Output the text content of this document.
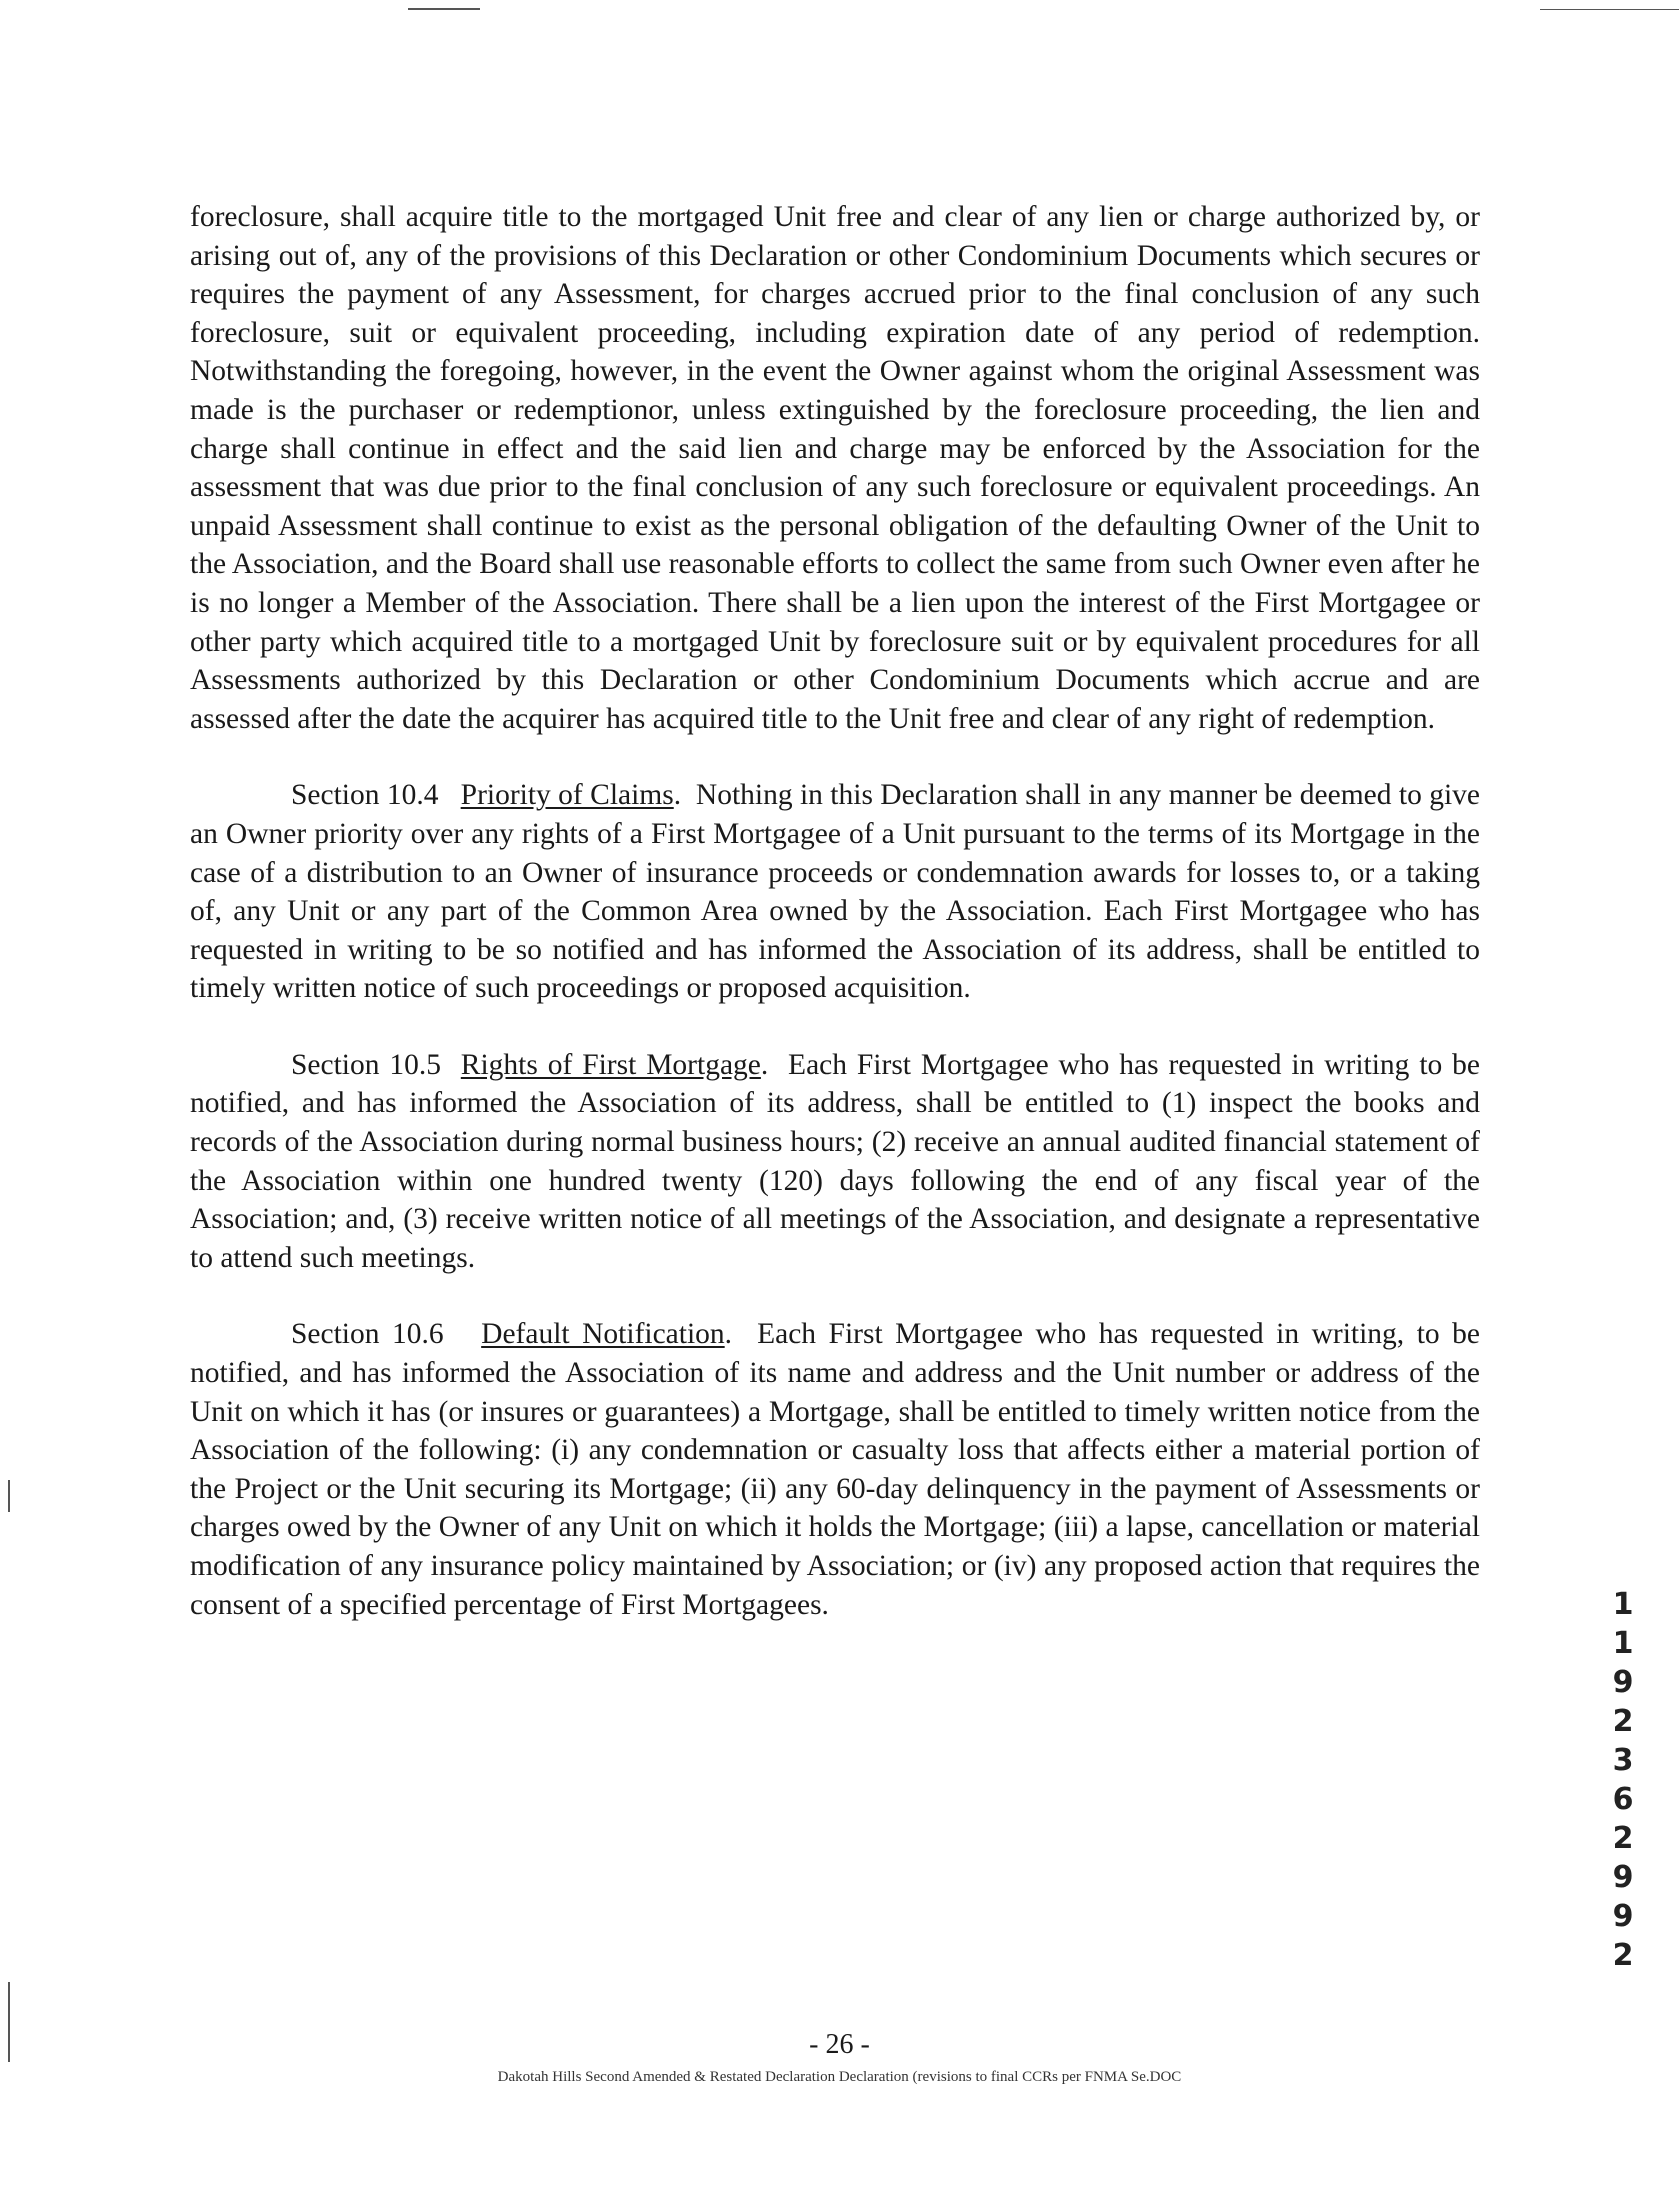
foreclosure, shall acquire title to the mortgaged Unit free and clear of any lien or charge authorized by, or arising out of, any of the provisions of this Declaration or other Condominium Documents which secures or requires the payment of any Assessment, for charges accrued prior to the final conclusion of any such foreclosure, suit or equivalent proceeding, including expiration date of any period of redemption. Notwithstanding the foregoing, however, in the event the Owner against whom the original Assessment was made is the purchaser or redemptionor, unless extinguished by the foreclosure proceeding, the lien and charge shall continue in effect and the said lien and charge may be enforced by the Association for the assessment that was due prior to the final conclusion of any such foreclosure or equivalent proceedings. An unpaid Assessment shall continue to exist as the personal obligation of the defaulting Owner of the Unit to the Association, and the Board shall use reasonable efforts to collect the same from such Owner even after he is no longer a Member of the Association. There shall be a lien upon the interest of the First Mortgagee or other party which acquired title to a mortgaged Unit by foreclosure suit or by equivalent procedures for all Assessments authorized by this Declaration or other Condominium Documents which accrue and are assessed after the date the acquirer has acquired title to the Unit free and clear of any right of redemption.

Section 10.4 Priority of Claims. Nothing in this Declaration shall in any manner be deemed to give an Owner priority over any rights of a First Mortgagee of a Unit pursuant to the terms of its Mortgage in the case of a distribution to an Owner of insurance proceeds or condemnation awards for losses to, or a taking of, any Unit or any part of the Common Area owned by the Association. Each First Mortgagee who has requested in writing to be so notified and has informed the Association of its address, shall be entitled to timely written notice of such proceedings or proposed acquisition.

Section 10.5 Rights of First Mortgage. Each First Mortgagee who has requested in writing to be notified, and has informed the Association of its address, shall be entitled to (1) inspect the books and records of the Association during normal business hours; (2) receive an annual audited financial statement of the Association within one hundred twenty (120) days following the end of any fiscal year of the Association; and, (3) receive written notice of all meetings of the Association, and designate a representative to attend such meetings.

Section 10.6 Default Notification. Each First Mortgagee who has requested in writing, to be notified, and has informed the Association of its name and address and the Unit number or address of the Unit on which it has (or insures or guarantees) a Mortgage, shall be entitled to timely written notice from the Association of the following: (i) any condemnation or casualty loss that affects either a material portion of the Project or the Unit securing its Mortgage; (ii) any 60-day delinquency in the payment of Assessments or charges owed by the Owner of any Unit on which it holds the Mortgage; (iii) a lapse, cancellation or material modification of any insurance policy maintained by Association; or (iv) any proposed action that requires the consent of a specified percentage of First Mortgagees.	1192362992
- 26 -
Dakotah Hills Second Amended & Restated Declaration Declaration (revisions to final CCRs per FNMA Se.DOC
